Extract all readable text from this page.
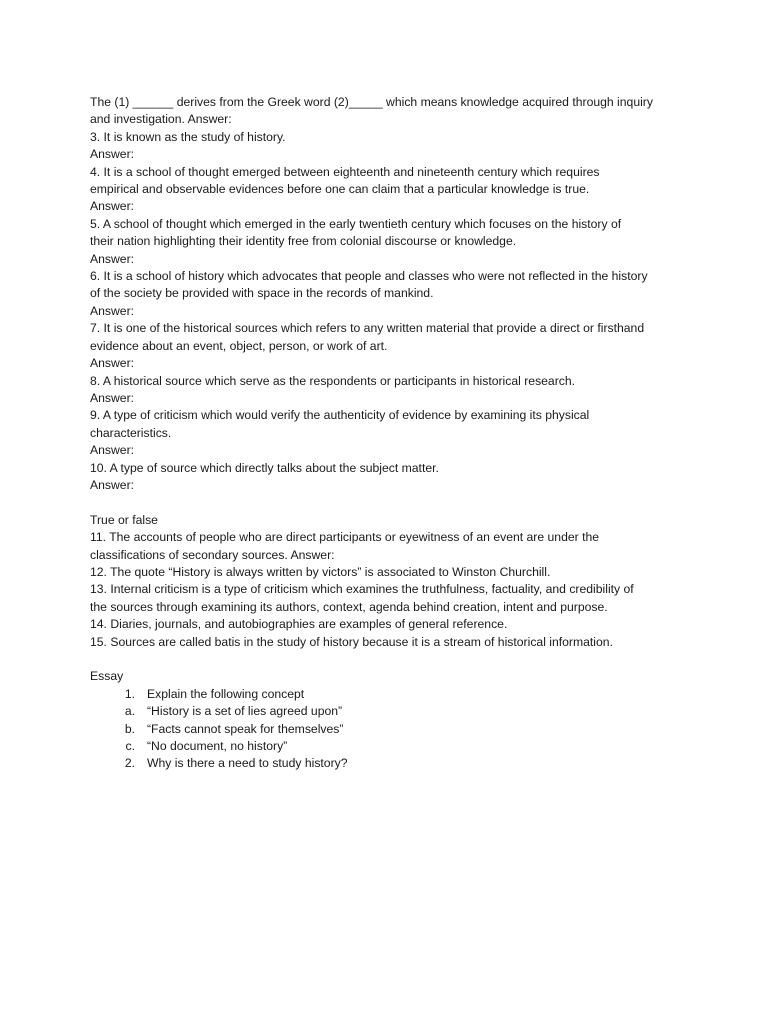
The (1) ______ derives from the Greek word (2)_____ which means knowledge acquired through inquiry
and investigation. Answer:
3. It is known as the study of history.
Answer:
4. It is a school of thought emerged between eighteenth and nineteenth century which requires
empirical and observable evidences before one can claim that a particular knowledge is true.
Answer:
5. A school of thought which emerged in the early twentieth century which focuses on the history of
their nation highlighting their identity free from colonial discourse or knowledge.
Answer:
6. It is a school of history which advocates that people and classes who were not reflected in the history
of the society be provided with space in the records of mankind.
Answer:
7. It is one of the historical sources which refers to any written material that provide a direct or firsthand
evidence about an event, object, person, or work of art.
Answer:
8. A historical source which serve as the respondents or participants in historical research.
Answer:
9. A type of criticism which would verify the authenticity of evidence by examining its physical
characteristics.
Answer:
10. A type of source which directly talks about the subject matter.
Answer:
True or false
11. The accounts of people who are direct participants or eyewitness of an event are under the
classifications of secondary sources. Answer:
12. The quote “History is always written by victors” is associated to Winston Churchill.
13. Internal criticism is a type of criticism which examines the truthfulness, factuality, and credibility of
the sources through examining its authors, context, agenda behind creation, intent and purpose.
14. Diaries, journals, and autobiographies are examples of general reference.
15. Sources are called batis in the study of history because it is a stream of historical information.
Essay
1. Explain the following concept
a. “History is a set of lies agreed upon”
b. “Facts cannot speak for themselves”
c. “No document, no history”
2. Why is there a need to study history?
